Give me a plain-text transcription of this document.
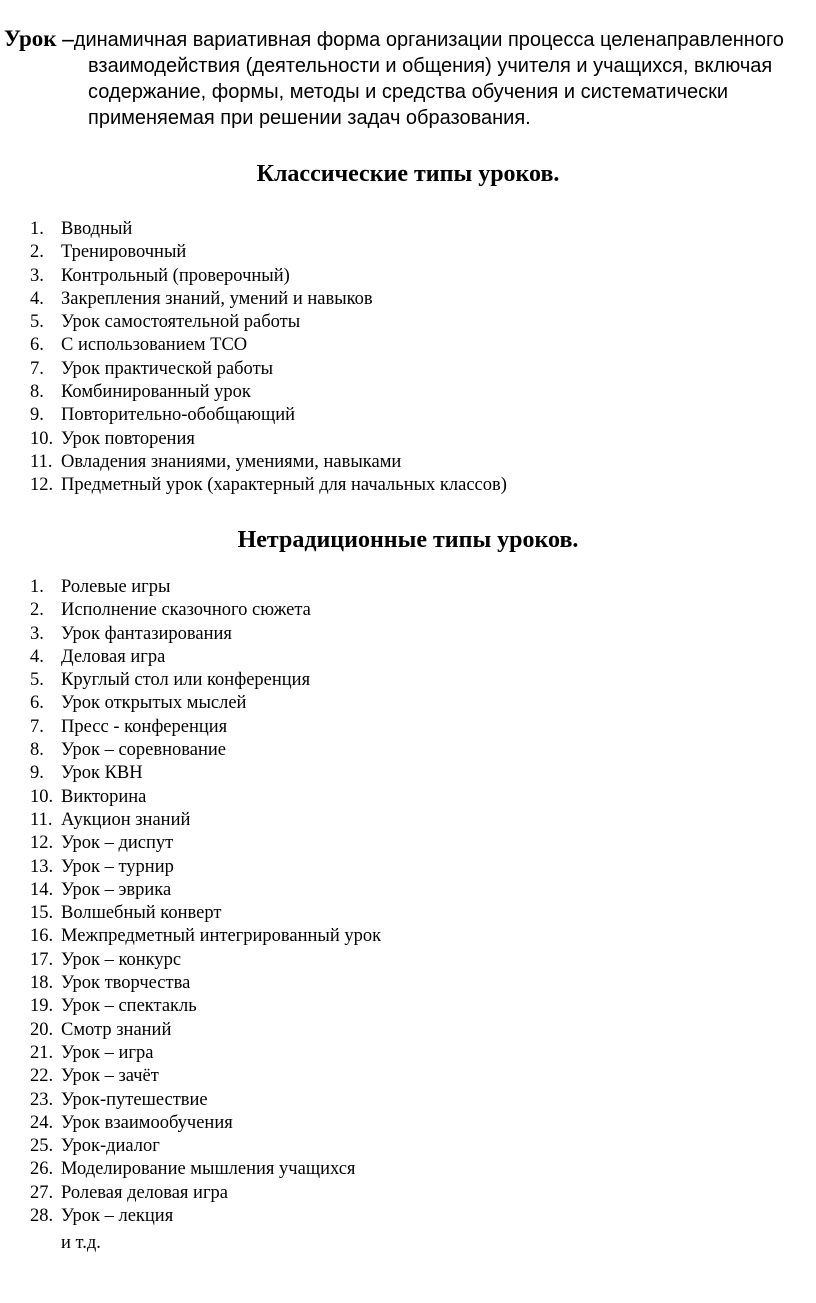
Урок –динамичная вариативная форма организации процесса целенаправленного
взаимодействия (деятельности и общения) учителя и учащихся, включая
содержание, формы, методы и средства обучения и систематически
применяемая при решении задач образования.
Классические типы уроков.
1. Вводный
2. Тренировочный
3. Контрольный (проверочный)
4. Закрепления знаний, умений и навыков
5. Урок самостоятельной работы
6. С использованием ТСО
7. Урок практической работы
8. Комбинированный урок
9. Повторительно-обобщающий
10. Урок повторения
11. Овладения знаниями, умениями, навыками
12. Предметный урок (характерный для начальных классов)
Нетрадиционные типы уроков.
1. Ролевые игры
2. Исполнение сказочного сюжета
3. Урок фантазирования
4. Деловая игра
5. Круглый стол или конференция
6. Урок открытых мыслей
7. Пресс - конференция
8. Урок – соревнование
9. Урок КВН
10. Викторина
11. Аукцион знаний
12. Урок – диспут
13. Урок – турнир
14. Урок – эврика
15. Волшебный конверт
16. Межпредметный интегрированный урок
17. Урок – конкурс
18. Урок творчества
19. Урок – спектакль
20. Смотр знаний
21. Урок – игра
22. Урок – зачёт
23. Урок-путешествие
24. Урок взаимообучения
25. Урок-диалог
26. Моделирование мышления учащихся
27. Ролевая деловая игра
28. Урок – лекция
и т.д.
